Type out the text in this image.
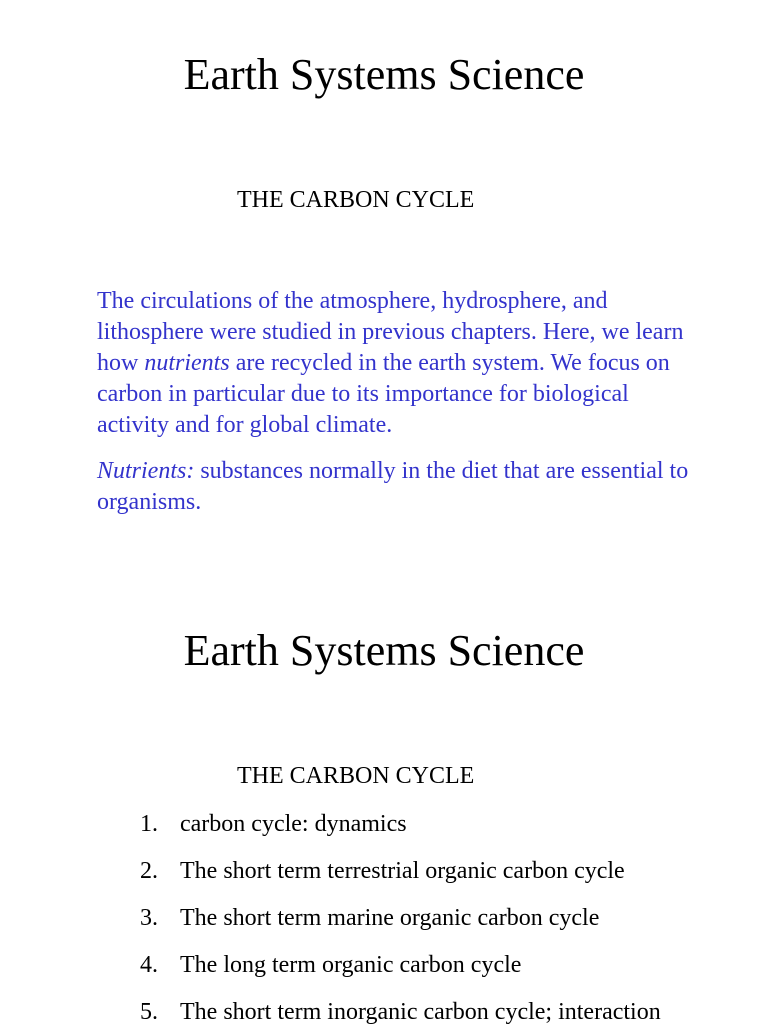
Earth Systems Science
THE CARBON CYCLE

The circulations of the atmosphere, hydrosphere, and lithosphere were studied in previous chapters. Here, we learn how nutrients are recycled in the earth system. We focus on carbon in particular due to its importance for biological activity and for global climate.

Nutrients: substances normally in the diet that are essential to organisms.

Earth Systems Science
THE CARBON CYCLE
1. carbon cycle: dynamics
2. The short term terrestrial organic carbon cycle
3. The short term marine organic carbon cycle
4. The long term organic carbon cycle
5. The short term inorganic carbon cycle; interaction
